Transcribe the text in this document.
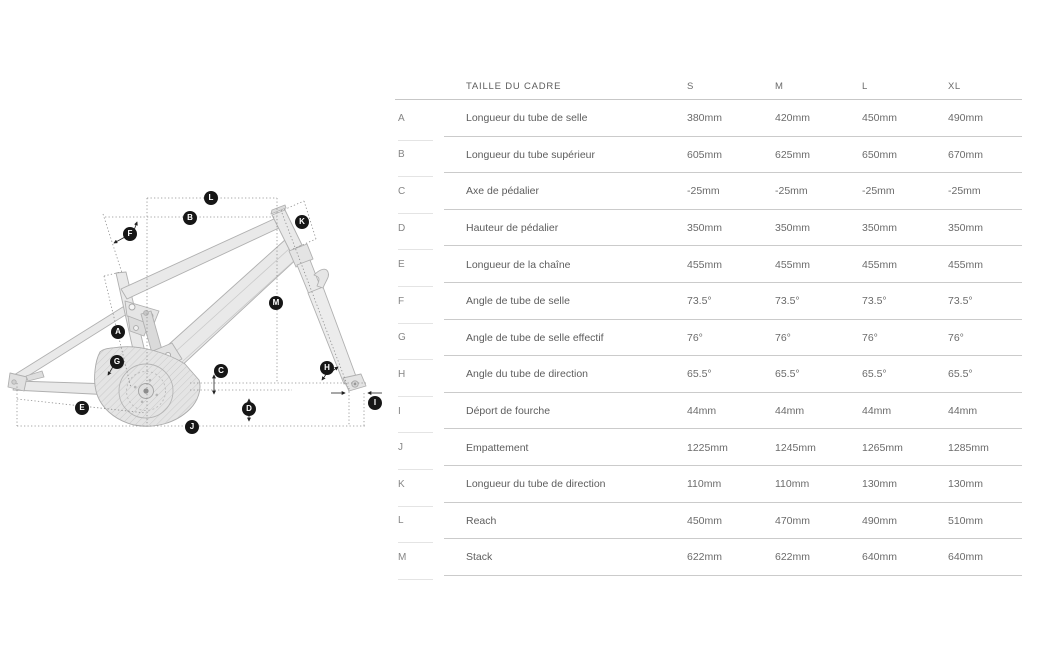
L
B
F
K
M
A
G
C	H
E	D
J
I
TAILLE DU CADRE	S	M	L	XL
A	Longueur du tube de selle	380mm	420mm	450mm	490mm
B	Longueur du tube supérieur	605mm	625mm	650mm	670mm
C	Axe de pédalier	-25mm	-25mm	-25mm	-25mm
D	Hauteur de pédalier	350mm	350mm	350mm	350mm
E	Longueur de la chaîne	455mm	455mm	455mm	455mm
F	Angle de tube de selle	73.5°	73.5°	73.5°	73.5°
G	Angle de tube de selle effectif	76°	76°	76°	76°
H	Angle du tube de direction	65.5°	65.5°	65.5°	65.5°
I	Déport de fourche	44mm	44mm	44mm	44mm
J	Empattement	1225mm	1245mm	1265mm	1285mm
K	Longueur du tube de direction	110mm	110mm	130mm	130mm
L	Reach	450mm	470mm	490mm	510mm
M	Stack	622mm	622mm	640mm	640mm
